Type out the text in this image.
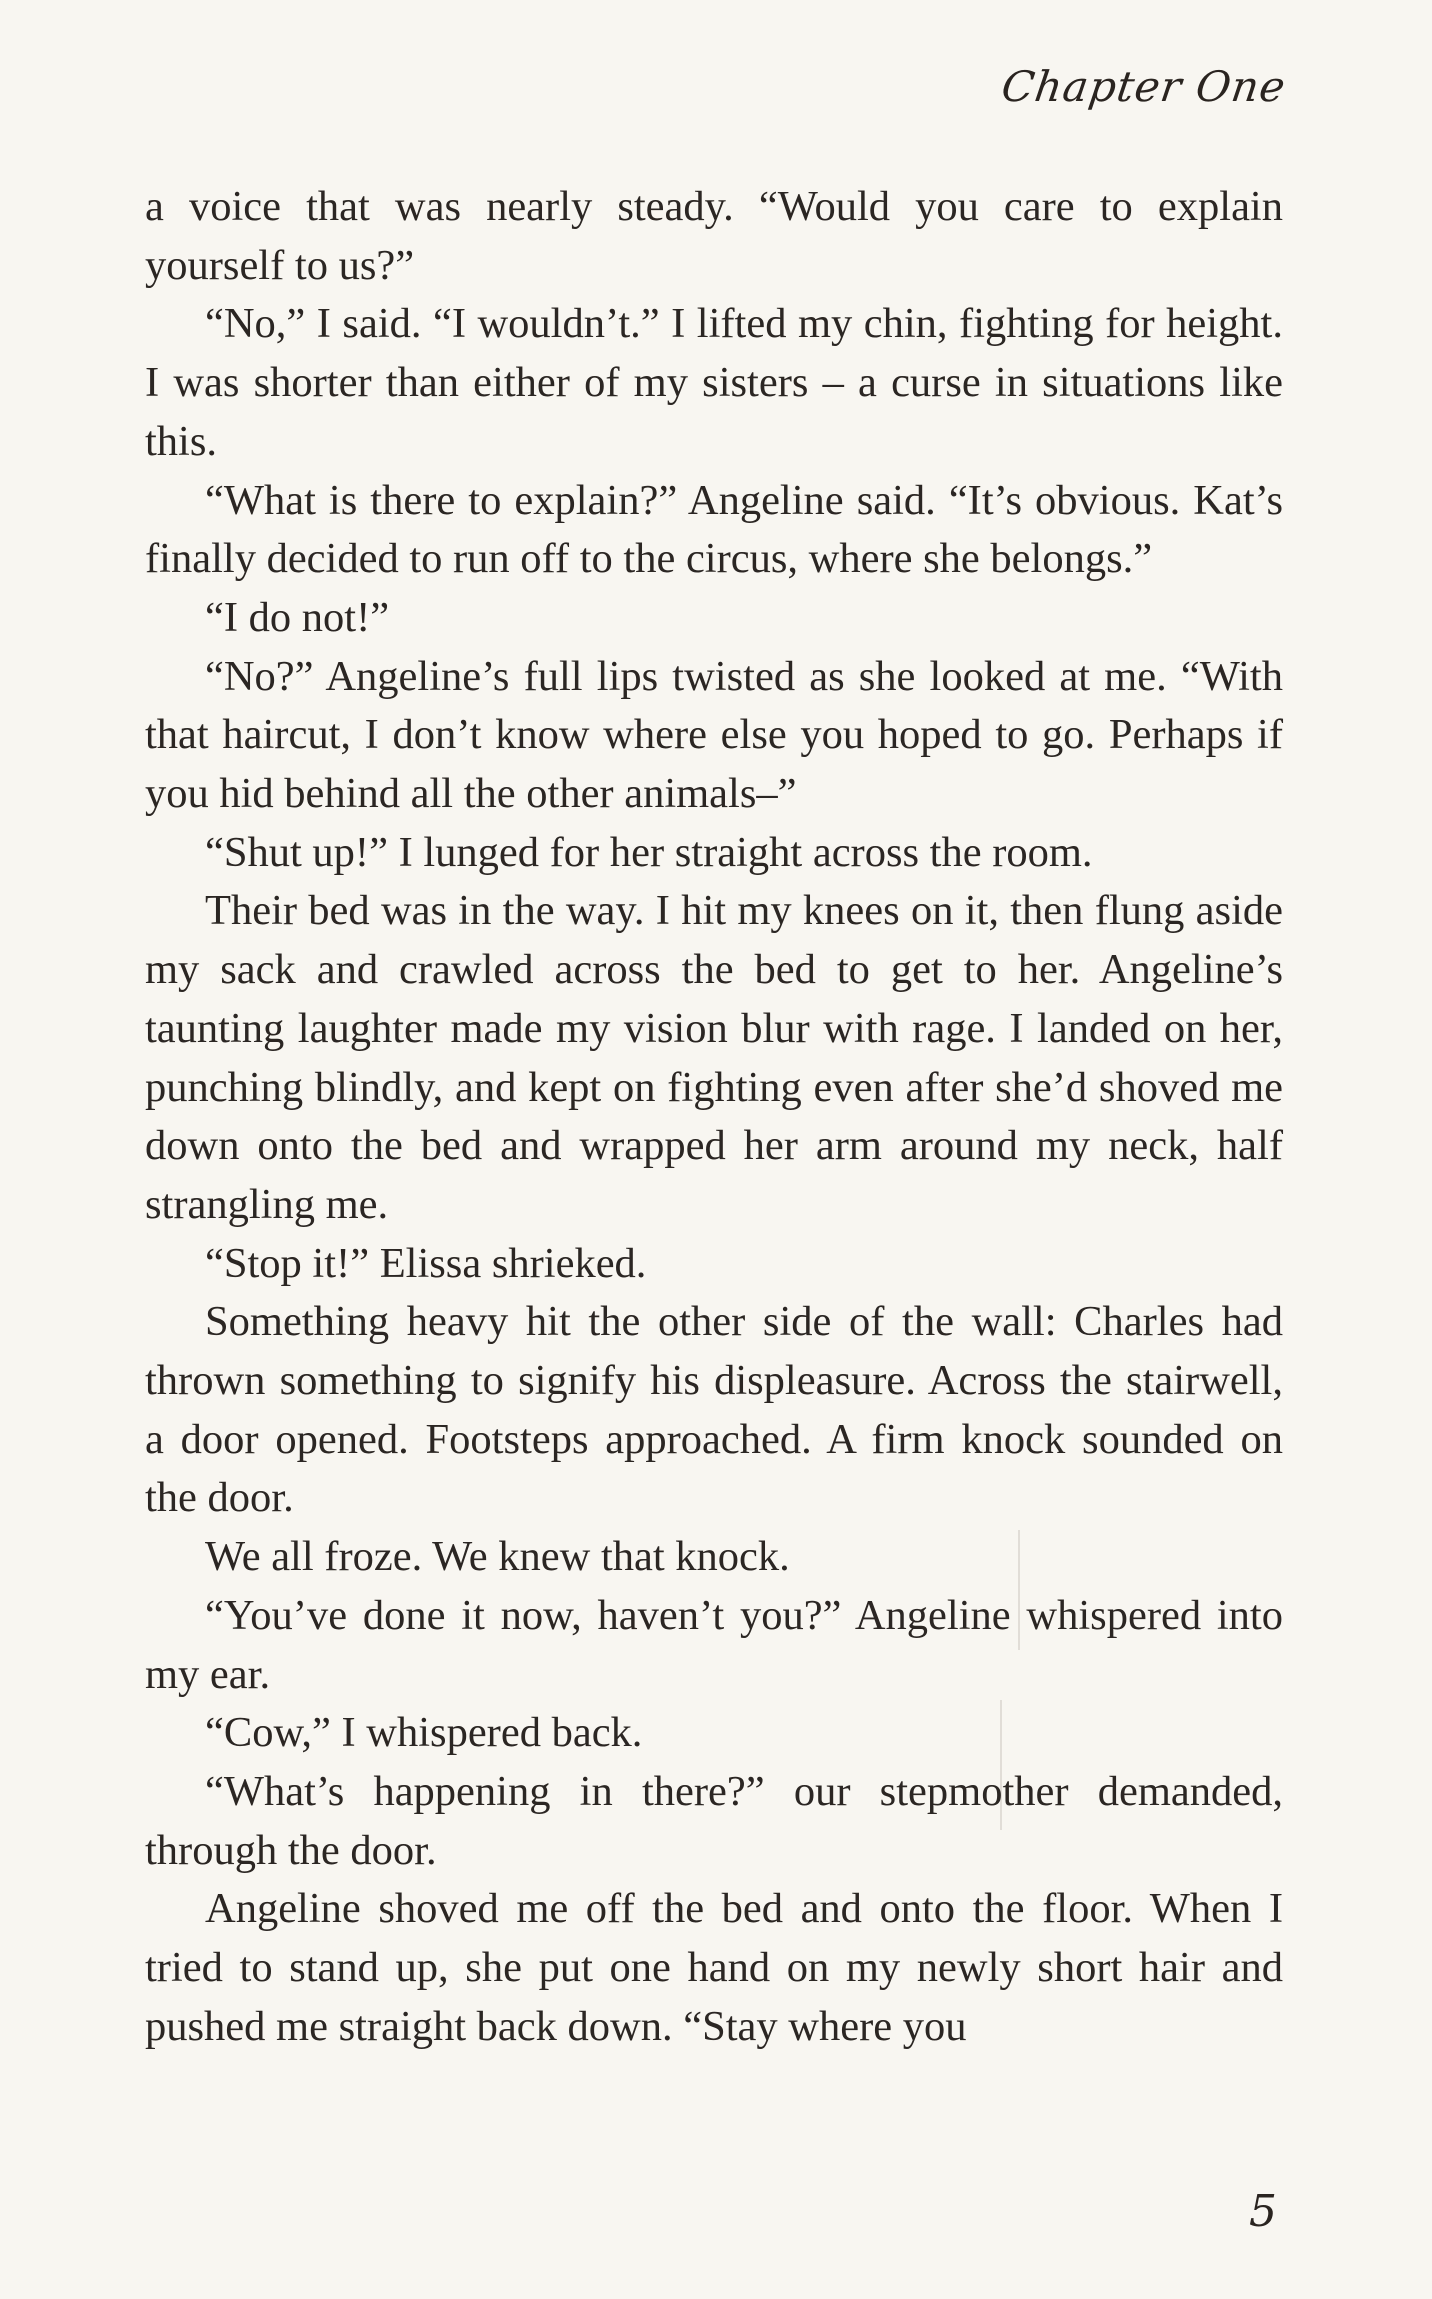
Chapter One

a voice that was nearly steady. “Would you care to explain yourself to us?”

“No,” I said. “I wouldn’t.” I lifted my chin, fighting for height. I was shorter than either of my sisters – a curse in situations like this.

“What is there to explain?” Angeline said. “It’s obvious. Kat’s finally decided to run off to the circus, where she belongs.”

“I do not!”

“No?” Angeline’s full lips twisted as she looked at me. “With that haircut, I don’t know where else you hoped to go. Perhaps if you hid behind all the other animals–”

“Shut up!” I lunged for her straight across the room.

Their bed was in the way. I hit my knees on it, then flung aside my sack and crawled across the bed to get to her. Angeline’s taunting laughter made my vision blur with rage. I landed on her, punching blindly, and kept on fighting even after she’d shoved me down onto the bed and wrapped her arm around my neck, half strangling me.

“Stop it!” Elissa shrieked.

Something heavy hit the other side of the wall: Charles had thrown something to signify his displeasure. Across the stairwell, a door opened. Footsteps approached. A firm knock sounded on the door.

We all froze. We knew that knock.

“You’ve done it now, haven’t you?” Angeline whispered into my ear.

“Cow,” I whispered back.

“What’s happening in there?” our stepmother demanded, through the door.

Angeline shoved me off the bed and onto the floor. When I tried to stand up, she put one hand on my newly short hair and pushed me straight back down. “Stay where you

5
